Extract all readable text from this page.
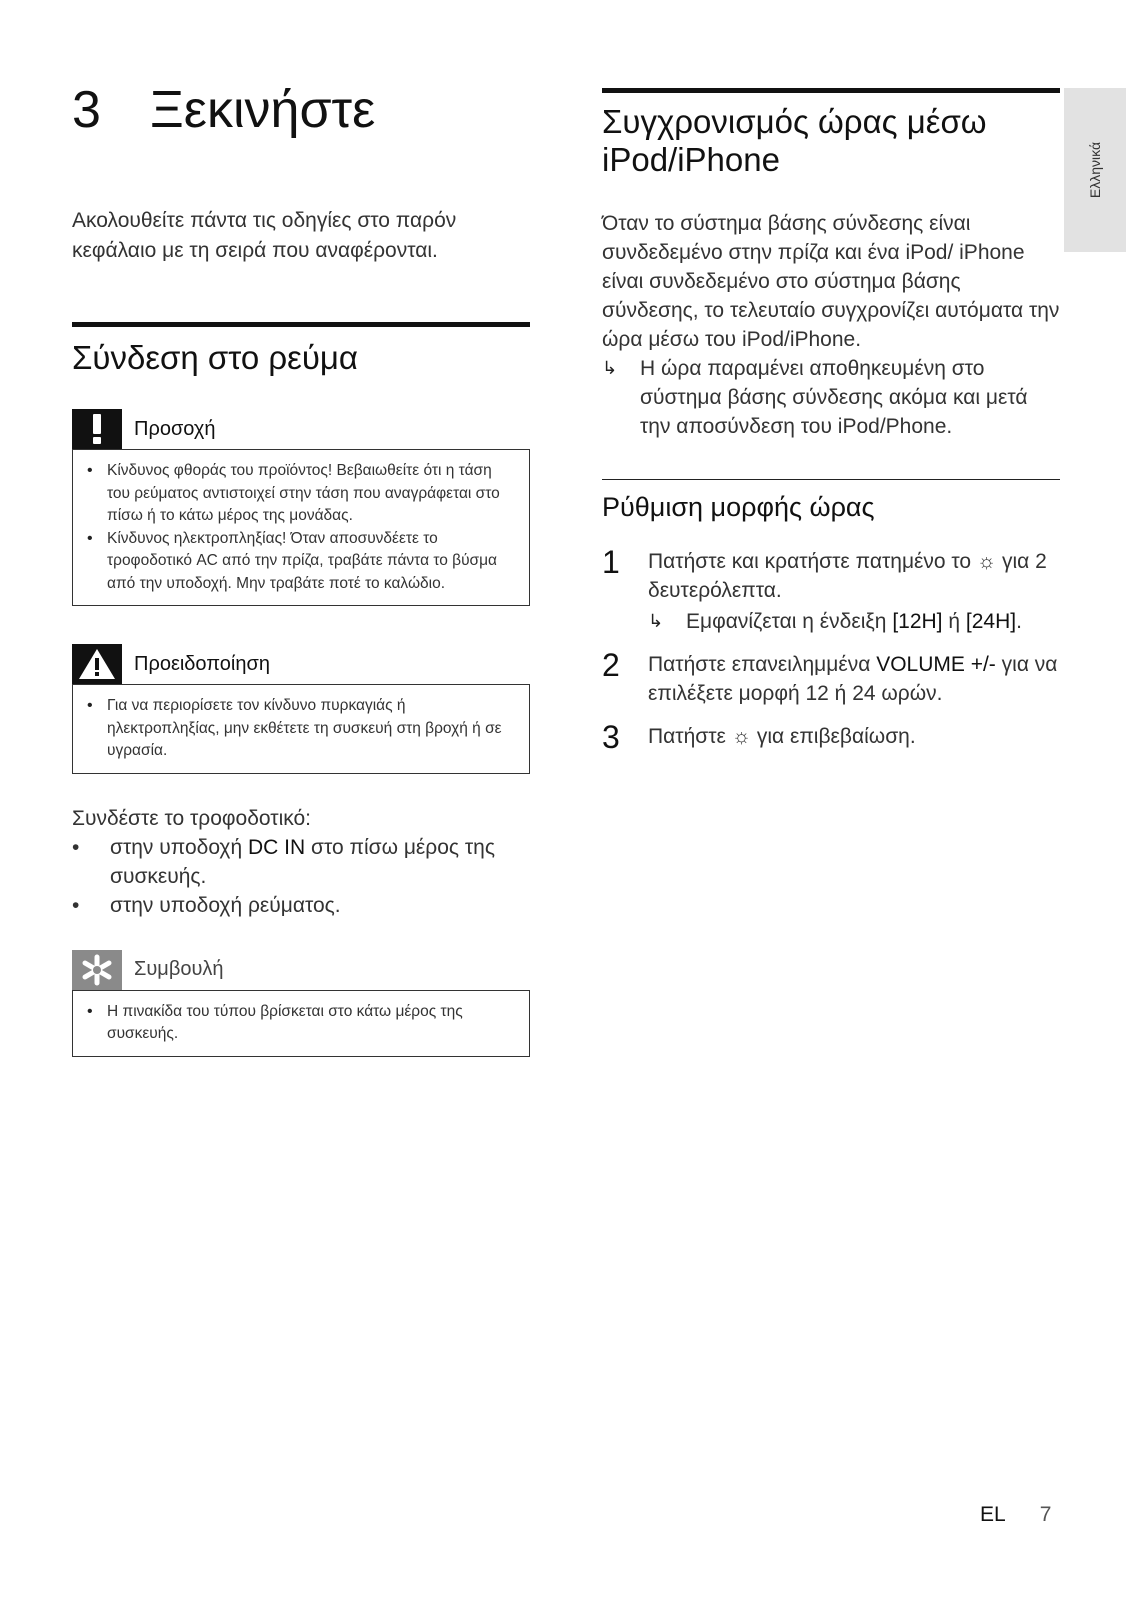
3 Ξεκινήστε
Ακολουθείτε πάντα τις οδηγίες στο παρόν κεφάλαιο με τη σειρά που αναφέρονται.
Σύνδεση στο ρεύμα
Προσοχή
• Κίνδυνος φθοράς του προϊόντος! Βεβαιωθείτε ότι η τάση του ρεύματος αντιστοιχεί στην τάση που αναγράφεται στο πίσω ή το κάτω μέρος της μονάδας.
• Κίνδυνος ηλεκτροπληξίας! Όταν αποσυνδέετε το τροφοδοτικό AC από την πρίζα, τραβάτε πάντα το βύσμα από την υποδοχή. Μην τραβάτε ποτέ το καλώδιο.
Προειδοποίηση
• Για να περιορίσετε τον κίνδυνο πυρκαγιάς ή ηλεκτροπληξίας, μην εκθέτετε τη συσκευή στη βροχή ή σε υγρασία.
Συνδέστε το τροφοδοτικό:
• στην υποδοχή DC IN στο πίσω μέρος της συσκευής.
• στην υποδοχή ρεύματος.
Συμβουλή
• Η πινακίδα του τύπου βρίσκεται στο κάτω μέρος της συσκευής.
Συγχρονισμός ώρας μέσω iPod/iPhone
Όταν το σύστημα βάσης σύνδεσης είναι συνδεδεμένο στην πρίζα και ένα iPod/ iPhone είναι συνδεδεμένο στο σύστημα βάσης σύνδεσης, το τελευταίο συγχρονίζει αυτόματα την ώρα μέσω του iPod/iPhone.
↳ Η ώρα παραμένει αποθηκευμένη στο σύστημα βάσης σύνδεσης ακόμα και μετά την αποσύνδεση του iPod/Phone.
Ρύθμιση μορφής ώρας
1	Πατήστε και κρατήστε πατημένο το ☼ για 2 δευτερόλεπτα.
↳ Εμφανίζεται η ένδειξη [12H] ή [24H].
2	Πατήστε επανειλημμένα VOLUME +/- για να επιλέξετε μορφή 12 ή 24 ωρών.
3	Πατήστε ☼ για επιβεβαίωση.
Ελληνικά
EL 7
